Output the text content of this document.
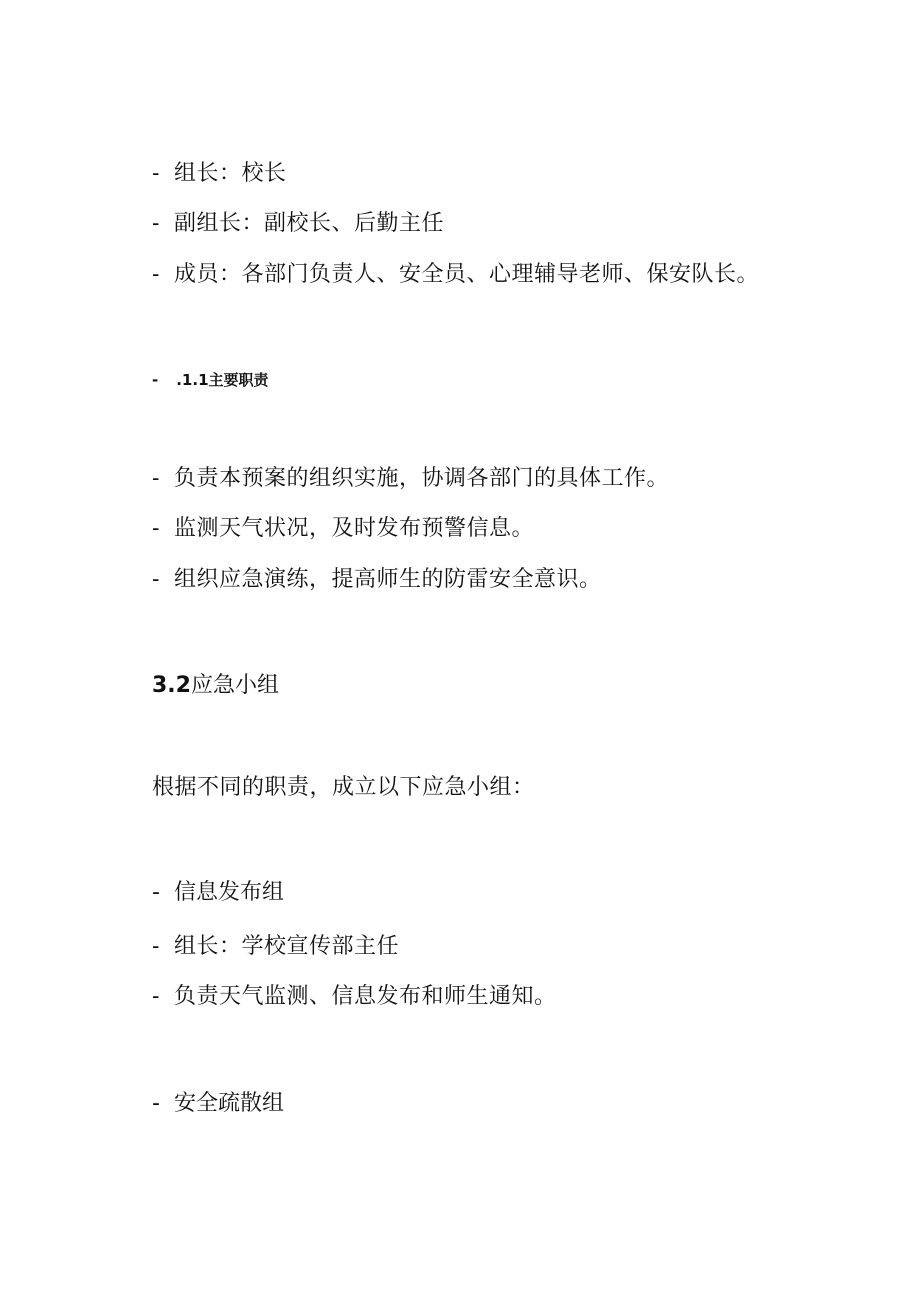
- 组长：校长
- 副组长：副校长、后勤主任
- 成员：各部门负责人、安全员、心理辅导老师、保安队长。
- .1.1主要职责
- 负责本预案的组织实施，协调各部门的具体工作。
- 监测天气状况，及时发布预警信息。
- 组织应急演练，提高师生的防雷安全意识。
3.2应急小组
根据不同的职责，成立以下应急小组：
- 信息发布组
- 组长：学校宣传部主任
- 负责天气监测、信息发布和师生通知。
- 安全疏散组
